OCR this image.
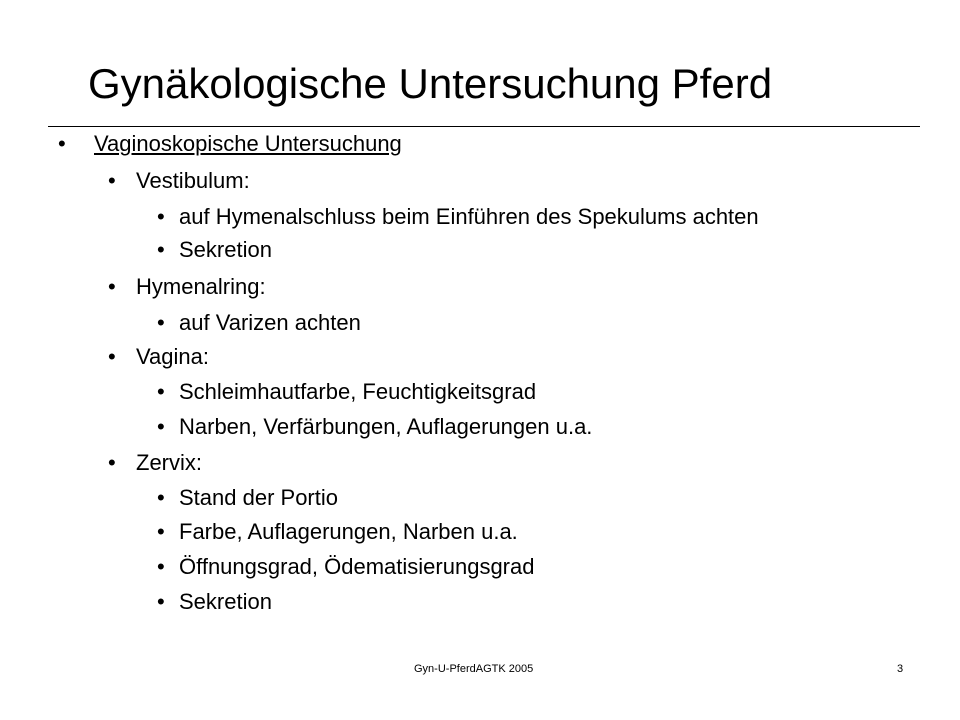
Gynäkologische Untersuchung Pferd
• Vaginoskopische Untersuchung
• Vestibulum:
• auf Hymenalschluss beim Einführen des Spekulums achten
• Sekretion
• Hymenalring:
• auf Varizen achten
• Vagina:
• Schleimhautfarbe, Feuchtigkeitsgrad
• Narben, Verfärbungen, Auflagerungen u.a.
• Zervix:
• Stand der Portio
• Farbe, Auflagerungen, Narben u.a.
• Öffnungsgrad, Ödematisierungsgrad
• Sekretion
Gyn-U-PferdAGTK 2005	3
